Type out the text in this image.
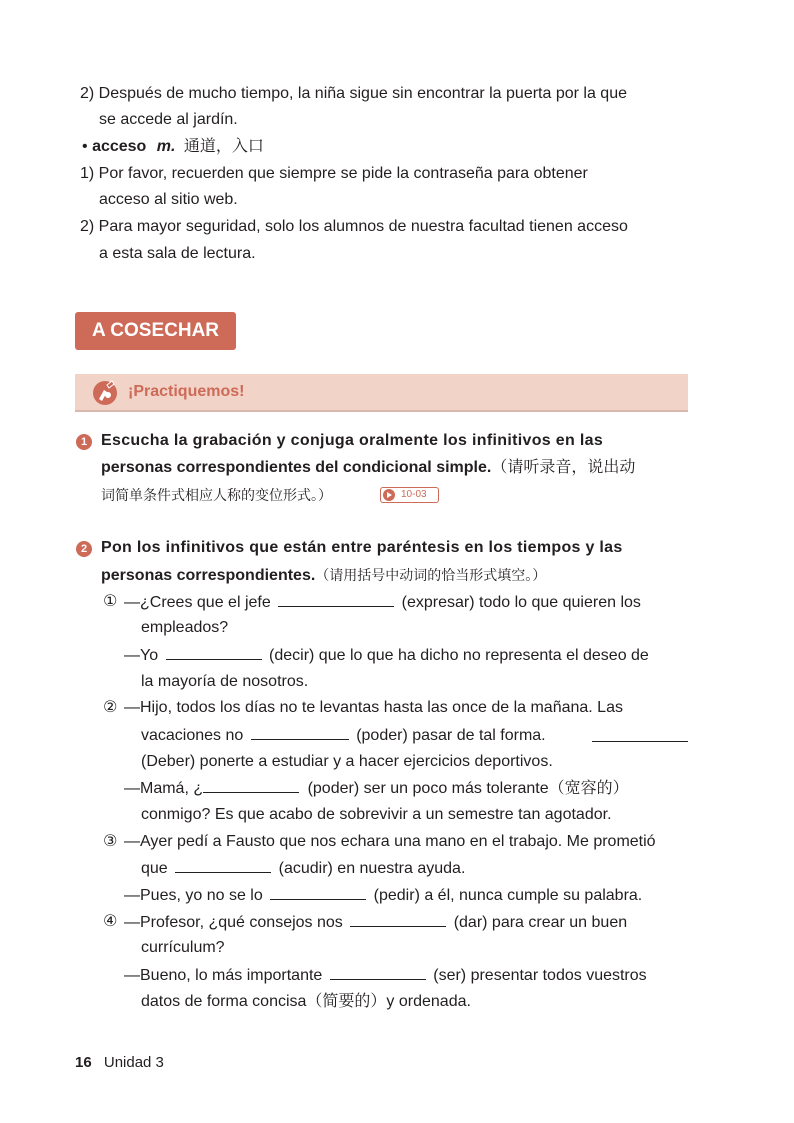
2) Después de mucho tiempo, la niña sigue sin encontrar la puerta por la que
se accede al jardín.
• acceso m. 通道，入口
1) Por favor, recuerden que siempre se pide la contraseña para obtener
acceso al sitio web.
2) Para mayor seguridad, solo los alumnos de nuestra facultad tienen acceso
a esta sala de lectura.
A COSECHAR
¡Practiquemos!
1 Escucha la grabación y conjuga oralmente los infinitivos en las
personas correspondientes del condicional simple.（请听录音，说出动
词简单条件式相应人称的变位形式。）	10-03
2 Pon los infinitivos que están entre paréntesis en los tiempos y las
personas correspondientes.（请用括号中动词的恰当形式填空。）
① —¿Crees que el jefe	(expresar) todo lo que quieren los
empleados?
—Yo	(decir) que lo que ha dicho no representa el deseo de
la mayoría de nosotros.
② —Hijo, todos los días no te levantas hasta las once de la mañana. Las
vacaciones no	(poder) pasar de tal forma.
(Deber) ponerte a estudiar y a hacer ejercicios deportivos.
—Mamá, ¿	(poder) ser un poco más tolerante（宽容的）
conmigo? Es que acabo de sobrevivir a un semestre tan agotador.
③ —Ayer pedí a Fausto que nos echara una mano en el trabajo. Me prometió
que	(acudir) en nuestra ayuda.
—Pues, yo no se lo	(pedir) a él, nunca cumple su palabra.
④ —Profesor, ¿qué consejos nos	(dar) para crear un buen
currículum?
—Bueno, lo más importante	(ser) presentar todos vuestros
datos de forma concisa（简要的）y ordenada.
16 Unidad 3
